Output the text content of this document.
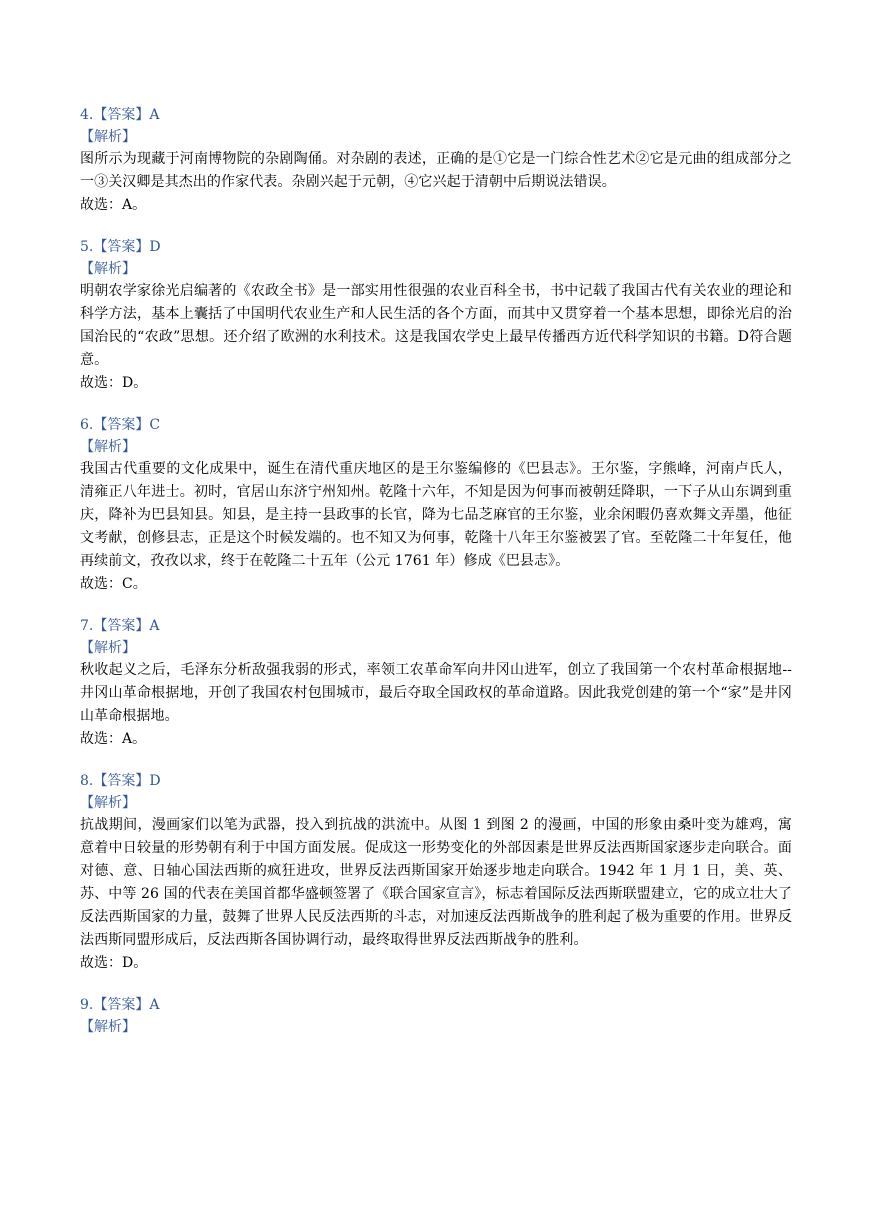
4.【答案】A
【解析】
图所示为现藏于河南博物院的杂剧陶俑。对杂剧的表述，正确的是①它是一门综合性艺术②它是元曲的组成部分之一③关汉卿是其杰出的作家代表。杂剧兴起于元朝，④它兴起于清朝中后期说法错误。
故选：A。
5.【答案】D
【解析】
明朝农学家徐光启编著的《农政全书》是一部实用性很强的农业百科全书，书中记载了我国古代有关农业的理论和科学方法，基本上囊括了中国明代农业生产和人民生活的各个方面，而其中又贯穿着一个基本思想，即徐光启的治国治民的“农政”思想。还介绍了欧洲的水利技术。这是我国农学史上最早传播西方近代科学知识的书籍。D符合题意。
故选：D。
6.【答案】C
【解析】
我国古代重要的文化成果中，诞生在清代重庆地区的是王尔鉴编修的《巴县志》。王尔鉴，字熊峰，河南卢氏人，清雍正八年进士。初时，官居山东济宁州知州。乾隆十六年，不知是因为何事而被朝廷降职，一下子从山东调到重庆，降补为巴县知县。知县，是主持一县政事的长官，降为七品芝麻官的王尔鉴，业余闲暇仍喜欢舞文弄墨，他征文考献，创修县志，正是这个时候发端的。也不知又为何事，乾隆十八年王尔鉴被罢了官。至乾隆二十年复任，他再续前文，孜孜以求，终于在乾隆二十五年（公元 1761 年）修成《巴县志》。
故选：C。
7.【答案】A
【解析】
秋收起义之后，毛泽东分析敌强我弱的形式，率领工农革命军向井冈山进军，创立了我国第一个农村革命根据地--井冈山革命根据地，开创了我国农村包围城市，最后夺取全国政权的革命道路。因此我党创建的第一个“家”是井冈山革命根据地。
故选：A。
8.【答案】D
【解析】
抗战期间，漫画家们以笔为武器，投入到抗战的洪流中。从图 1 到图 2 的漫画，中国的形象由桑叶变为雄鸡，寓意着中日较量的形势朝有利于中国方面发展。促成这一形势变化的外部因素是世界反法西斯国家逐步走向联合。面对德、意、日轴心国法西斯的疯狂进攻，世界反法西斯国家开始逐步地走向联合。1942 年 1 月 1 日，美、英、苏、中等 26 国的代表在美国首都华盛顿签署了《联合国家宣言》，标志着国际反法西斯联盟建立，它的成立壮大了反法西斯国家的力量，鼓舞了世界人民反法西斯的斗志，对加速反法西斯战争的胜利起了极为重要的作用。世界反法西斯同盟形成后，反法西斯各国协调行动，最终取得世界反法西斯战争的胜利。
故选：D。
9.【答案】A
【解析】
